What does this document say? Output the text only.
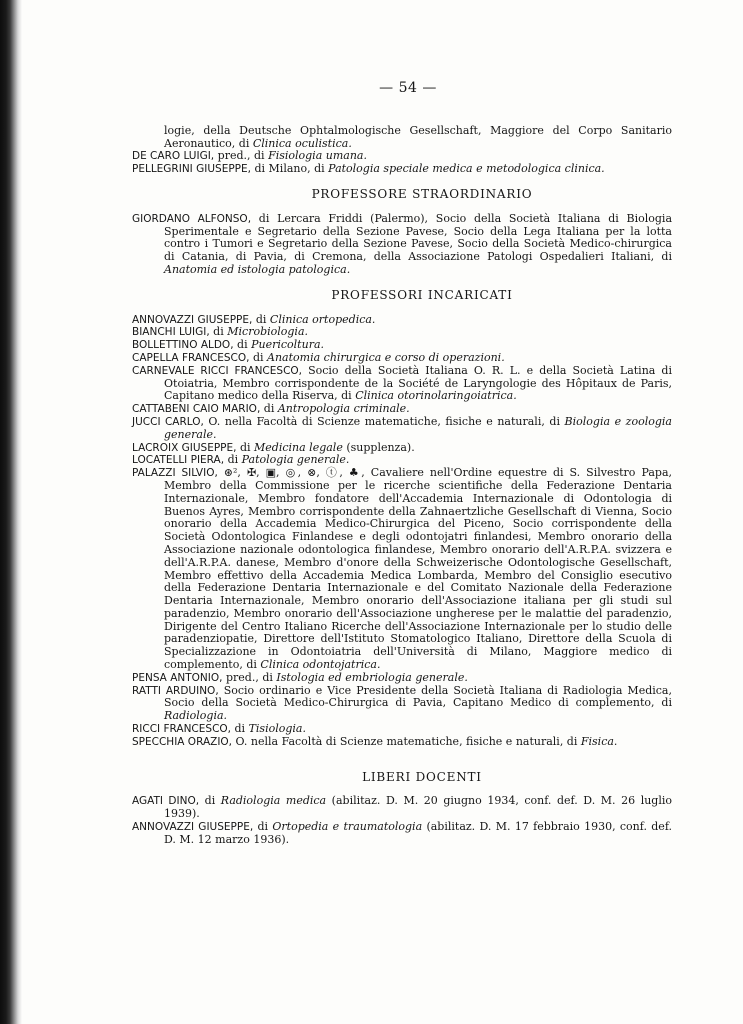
— 54 —
logie, della Deutsche Ophtalmologische Gesellschaft, Maggiore del Corpo Sanitario Aeronautico, di Clinica oculistica.
DE CARO LUIGI, pred., di Fisiologia umana.
PELLEGRINI GIUSEPPE, di Milano, di Patologia speciale medica e metodologica clinica.
PROFESSORE STRAORDINARIO
GIORDANO ALFONSO, di Lercara Friddi (Palermo), Socio della Società Italiana di Biologia Sperimentale e Segretario della Sezione Pavese, Socio della Lega Italiana per la lotta contro i Tumori e Segretario della Sezione Pavese, Socio della Società Medico-chirurgica di Catania, di Pavia, di Cremona, della Associazione Patologi Ospedalieri Italiani, di Anatomia ed istologia patologica.
PROFESSORI INCARICATI
ANNOVAZZI GIUSEPPE, di Clinica ortopedica.
BIANCHI LUIGI, di Microbiologia.
BOLLETTINO ALDO, di Puericoltura.
CAPELLA FRANCESCO, di Anatomia chirurgica e corso di operazioni.
CARNEVALE RICCI FRANCESCO, Socio della Società Italiana O. R. L. e della Società Latina di Otoiatria, Membro corrispondente de la Société de Laryngologie des Hôpitaux de Paris, Capitano medico della Riserva, di Clinica otorinolaringoiatrica.
CATTABENI CAIO MARIO, di Antropologia criminale.
JUCCI CARLO, O. nella Facoltà di Scienze matematiche, fisiche e naturali, di Biologia e zoologia generale.
LACROIX GIUSEPPE, di Medicina legale (supplenza).
LOCATELLI PIERA, di Patologia generale.
PALAZZI SILVIO, ⊛², ✠, ▣, ◎, ⊗, ⓣ, ♣, Cavaliere nell'Ordine equestre di S. Silvestro Papa, Membro della Commissione per le ricerche scientifiche della Federazione Dentaria Internazionale, Membro fondatore dell'Accademia Internazionale di Odontologia di Buenos Ayres, Membro corrispondente della Zahnaertzliche Gesellschaft di Vienna, Socio onorario della Accademia Medico-Chirurgica del Piceno, Socio corrispondente della Società Odontologica Finlandese e degli odontojatri finlandesi, Membro onorario della Associazione nazionale odontologica finlandese, Membro onorario dell'A.R.P.A. svizzera e dell'A.R.P.A. danese, Membro d'onore della Schweizerische Odontologische Gesellschaft, Membro effettivo della Accademia Medica Lombarda, Membro del Consiglio esecutivo della Federazione Dentaria Internazionale e del Comitato Nazionale della Federazione Dentaria Internazionale, Membro onorario dell'Associazione italiana per gli studi sul paradenzio, Membro onorario dell'Associazione ungherese per le malattie del paradenzio, Dirigente del Centro Italiano Ricerche dell'Associazione Internazionale per lo studio delle paradenziopatie, Direttore dell'Istituto Stomatologico Italiano, Direttore della Scuola di Specializzazione in Odontoiatria dell'Università di Milano, Maggiore medico di complemento, di Clinica odontojatrica.
PENSA ANTONIO, pred., di Istologia ed embriologia generale.
RATTI ARDUINO, Socio ordinario e Vice Presidente della Società Italiana di Radiologia Medica, Socio della Società Medico-Chirurgica di Pavia, Capitano Medico di complemento, di Radiologia.
RICCI FRANCESCO, di Tisiologia.
SPECCHIA ORAZIO, O. nella Facoltà di Scienze matematiche, fisiche e naturali, di Fisica.
LIBERI DOCENTI
AGATI DINO, di Radiologia medica (abilitaz. D. M. 20 giugno 1934, conf. def. D. M. 26 luglio 1939).
ANNOVAZZI GIUSEPPE, di Ortopedia e traumatologia (abilitaz. D. M. 17 febbraio 1930, conf. def. D. M. 12 marzo 1936).
